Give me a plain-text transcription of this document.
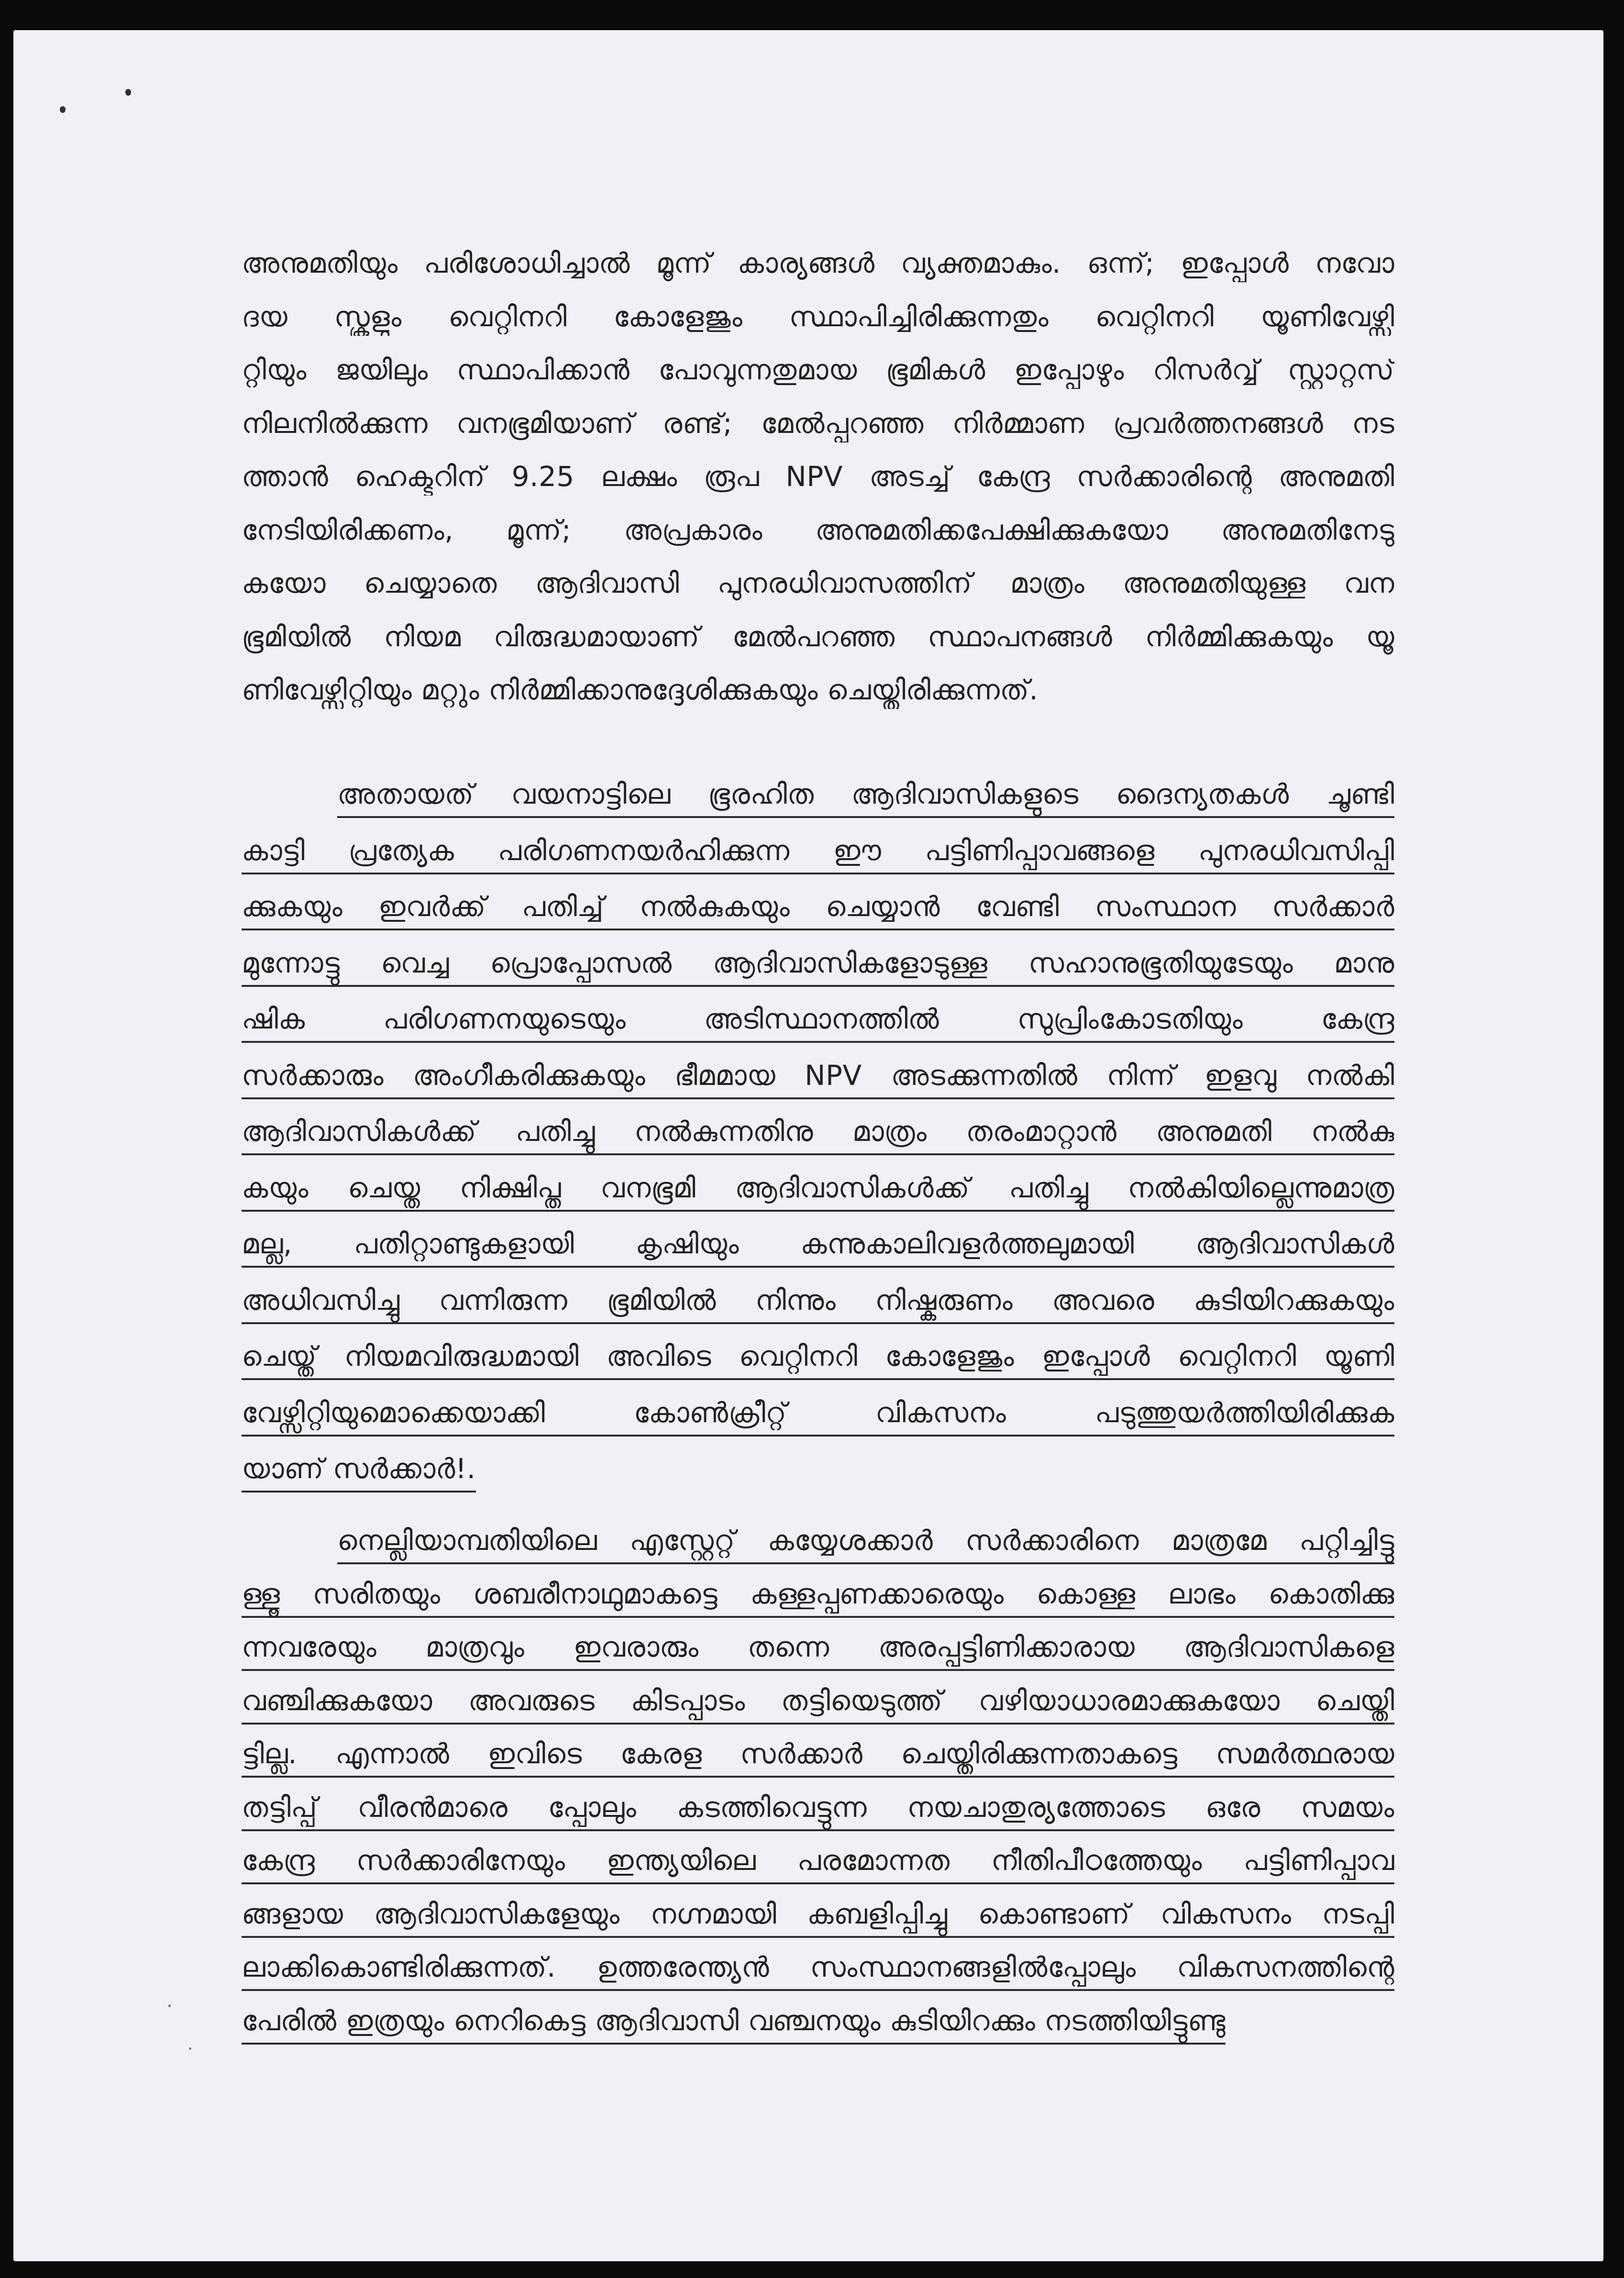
അനുമതിയും പരിശോധിച്ചാൽ മൂന്ന് കാര്യങ്ങൾ വ്യക്തമാകും. ഒന്ന്; ഇപ്പോൾ നവോ
ദയ സ്കൂളും വെറ്റിനറി കോളേജും സ്ഥാപിച്ചിരിക്കുന്നതും വെറ്റിനറി യൂണിവേഴ്സി
റ്റിയും ജയിലും സ്ഥാപിക്കാൻ പോവുന്നതുമായ ഭൂമികൾ ഇപ്പോഴും റിസർവ്വ് സ്റ്റാറ്റസ്
നിലനിൽക്കുന്ന വനഭൂമിയാണ് രണ്ട്; മേൽപ്പറഞ്ഞ നിർമ്മാണ പ്രവർത്തനങ്ങൾ നട
ത്താൻ ഹെക്ടറിന് 9.25 ലക്ഷം രൂപ NPV അടച്ച് കേന്ദ്ര സർക്കാരിന്റെ അനുമതി
നേടിയിരിക്കണം, മൂന്ന്; അപ്രകാരം അനുമതിക്കപേക്ഷിക്കുകയോ അനുമതിനേടു
കയോ ചെയ്യാതെ ആദിവാസി പുനരധിവാസത്തിന് മാത്രം അനുമതിയുള്ള വന
ഭൂമിയിൽ നിയമ വിരുദ്ധമായാണ് മേൽപറഞ്ഞ സ്ഥാപനങ്ങൾ നിർമ്മിക്കുകയും യൂ
ണിവേഴ്സിറ്റിയും മറ്റും നിർമ്മിക്കാനുദ്ദേശിക്കുകയും ചെയ്തിരിക്കുന്നത്.
അതായത് വയനാട്ടിലെ ഭൂരഹിത ആദിവാസികളുടെ ദൈന്യതകൾ ചൂണ്ടി
കാട്ടി പ്രത്യേക പരിഗണനയർഹിക്കുന്ന ഈ പട്ടിണിപ്പാവങ്ങളെ പുനരധിവസിപ്പി
ക്കുകയും ഇവർക്ക് പതിച്ച് നൽകുകയും ചെയ്യാൻ വേണ്ടി സംസ്ഥാന സർക്കാർ
മുന്നോട്ടു വെച്ച പ്രൊപ്പോസൽ ആദിവാസികളോടുള്ള സഹാനുഭൂതിയുടേയും മാനു
ഷിക പരിഗണനയുടെയും അടിസ്ഥാനത്തിൽ സുപ്രിംകോടതിയും കേന്ദ്ര
സർക്കാരും അംഗീകരിക്കുകയും ഭീമമായ NPV അടക്കുന്നതിൽ നിന്ന് ഇളവു നൽകി
ആദിവാസികൾക്ക് പതിച്ചു നൽകുന്നതിനു മാത്രം തരംമാറ്റാൻ അനുമതി നൽകു
കയും ചെയ്ത നിക്ഷിപ്ത വനഭൂമി ആദിവാസികൾക്ക് പതിച്ചു നൽകിയില്ലെന്നുമാത്ര
മല്ല, പതിറ്റാണ്ടുകളായി കൃഷിയും കന്നുകാലിവളർത്തലുമായി ആദിവാസികൾ
അധിവസിച്ചു വന്നിരുന്ന ഭൂമിയിൽ നിന്നും നിഷ്കരുണം അവരെ കുടിയിറക്കുകയും
ചെയ്ത് നിയമവിരുദ്ധമായി അവിടെ വെറ്റിനറി കോളേജും ഇപ്പോൾ വെറ്റിനറി യൂണി
വേഴ്സിറ്റിയുമൊക്കെയാക്കി കോൺക്രീറ്റ് വികസനം പടുത്തുയർത്തിയിരിക്കുക
യാണ് സർക്കാർ!.
നെല്ലിയാമ്പതിയിലെ എസ്റ്റേറ്റ് കയ്യേശക്കാർ സർക്കാരിനെ മാത്രമേ പറ്റിച്ചിട്ടു
ള്ളൂ സരിതയും ശബരീനാഥുമാകട്ടെ കള്ളപ്പണക്കാരെയും കൊള്ള ലാഭം കൊതിക്കു
ന്നവരേയും മാത്രവും ഇവരാരും തന്നെ അരപ്പട്ടിണിക്കാരായ ആദിവാസികളെ
വഞ്ചിക്കുകയോ അവരുടെ കിടപ്പാടം തട്ടിയെടുത്ത് വഴിയാധാരമാക്കുകയോ ചെയ്തി
ട്ടില്ല. എന്നാൽ ഇവിടെ കേരള സർക്കാർ ചെയ്തിരിക്കുന്നതാകട്ടെ സമർത്ഥരായ
തട്ടിപ്പ് വീരൻമാരെ പ്പോലും കടത്തിവെട്ടുന്ന നയചാതുര്യത്തോടെ ഒരേ സമയം
കേന്ദ്ര സർക്കാരിനേയും ഇന്ത്യയിലെ പരമോന്നത നീതിപീഠത്തേയും പട്ടിണിപ്പാവ
ങ്ങളായ ആദിവാസികളേയും നഗ്നമായി കബളിപ്പിച്ചു കൊണ്ടാണ് വികസനം നടപ്പി
ലാക്കികൊണ്ടിരിക്കുന്നത്. ഉത്തരേന്ത്യൻ സംസ്ഥാനങ്ങളിൽപ്പോലും വികസനത്തിന്റെ
പേരിൽ ഇത്രയും നെറികെട്ട ആദിവാസി വഞ്ചനയും കുടിയിറക്കും നടത്തിയിട്ടുണ്ടു
